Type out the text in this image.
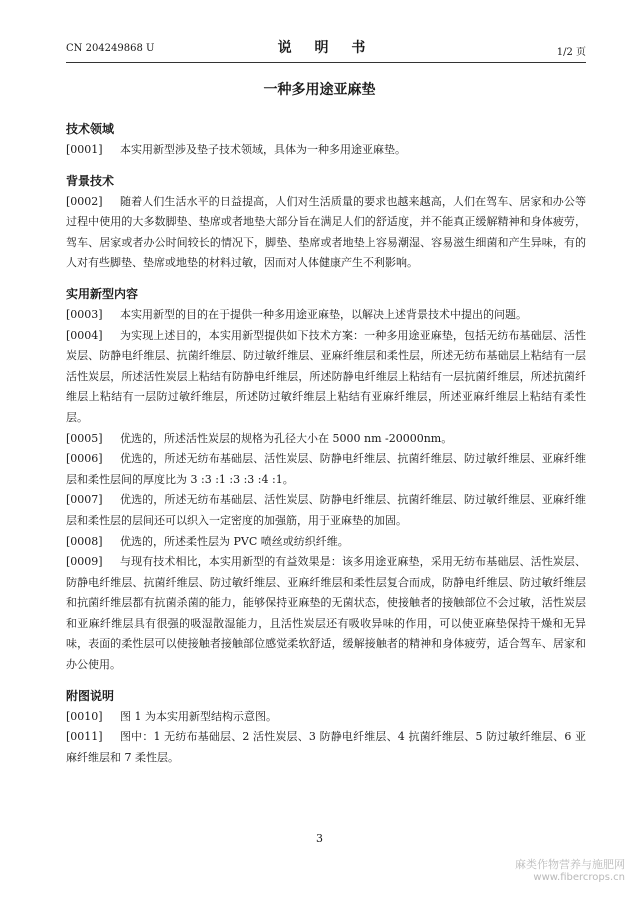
CN 204249868 U	说 明 书	1/2 页
一种多用途亚麻垫
技术领域
[0001]	本实用新型涉及垫子技术领域，具体为一种多用途亚麻垫。
背景技术
[0002]	随着人们生活水平的日益提高，人们对生活质量的要求也越来越高，人们在驾车、居家和办公等过程中使用的大多数脚垫、垫席或者地垫大部分旨在满足人们的舒适度，并不能真正缓解精神和身体疲劳，驾车、居家或者办公时间较长的情况下，脚垫、垫席或者地垫上容易潮湿、容易滋生细菌和产生异味，有的人对有些脚垫、垫席或地垫的材料过敏，因而对人体健康产生不利影响。
实用新型内容
[0003]	本实用新型的目的在于提供一种多用途亚麻垫，以解决上述背景技术中提出的问题。
[0004]	为实现上述目的，本实用新型提供如下技术方案：一种多用途亚麻垫，包括无纺布基础层、活性炭层、防静电纤维层、抗菌纤维层、防过敏纤维层、亚麻纤维层和柔性层，所述无纺布基础层上粘结有一层活性炭层，所述活性炭层上粘结有防静电纤维层，所述防静电纤维层上粘结有一层抗菌纤维层，所述抗菌纤维层上粘结有一层防过敏纤维层，所述防过敏纤维层上粘结有亚麻纤维层，所述亚麻纤维层上粘结有柔性层。
[0005]	优选的，所述活性炭层的规格为孔径大小在 5000 nm -20000nm。
[0006]	优选的，所述无纺布基础层、活性炭层、防静电纤维层、抗菌纤维层、防过敏纤维层、亚麻纤维层和柔性层间的厚度比为 3 :3 :1 :3 :3 :4 :1。
[0007]	优选的，所述无纺布基础层、活性炭层、防静电纤维层、抗菌纤维层、防过敏纤维层、亚麻纤维层和柔性层的层间还可以织入一定密度的加强筋，用于亚麻垫的加固。
[0008]	优选的，所述柔性层为 PVC 喷丝或纺织纤维。
[0009]	与现有技术相比，本实用新型的有益效果是：该多用途亚麻垫，采用无纺布基础层、活性炭层、防静电纤维层、抗菌纤维层、防过敏纤维层、亚麻纤维层和柔性层复合而成，防静电纤维层、防过敏纤维层和抗菌纤维层都有抗菌杀菌的能力，能够保持亚麻垫的无菌状态，使接触者的接触部位不会过敏，活性炭层和亚麻纤维层具有很强的吸湿散湿能力，且活性炭层还有吸收异味的作用，可以使亚麻垫保持干燥和无异味，表面的柔性层可以使接触者接触部位感觉柔软舒适，缓解接触者的精神和身体疲劳，适合驾车、居家和办公使用。
附图说明
[0010]	图 1 为本实用新型结构示意图。
[0011]	图中：1 无纺布基础层、2 活性炭层、3 防静电纤维层、4 抗菌纤维层、5 防过敏纤维层、6 亚麻纤维层和 7 柔性层。
3
麻类作物营养与施肥网
www.fibercrops.cn
